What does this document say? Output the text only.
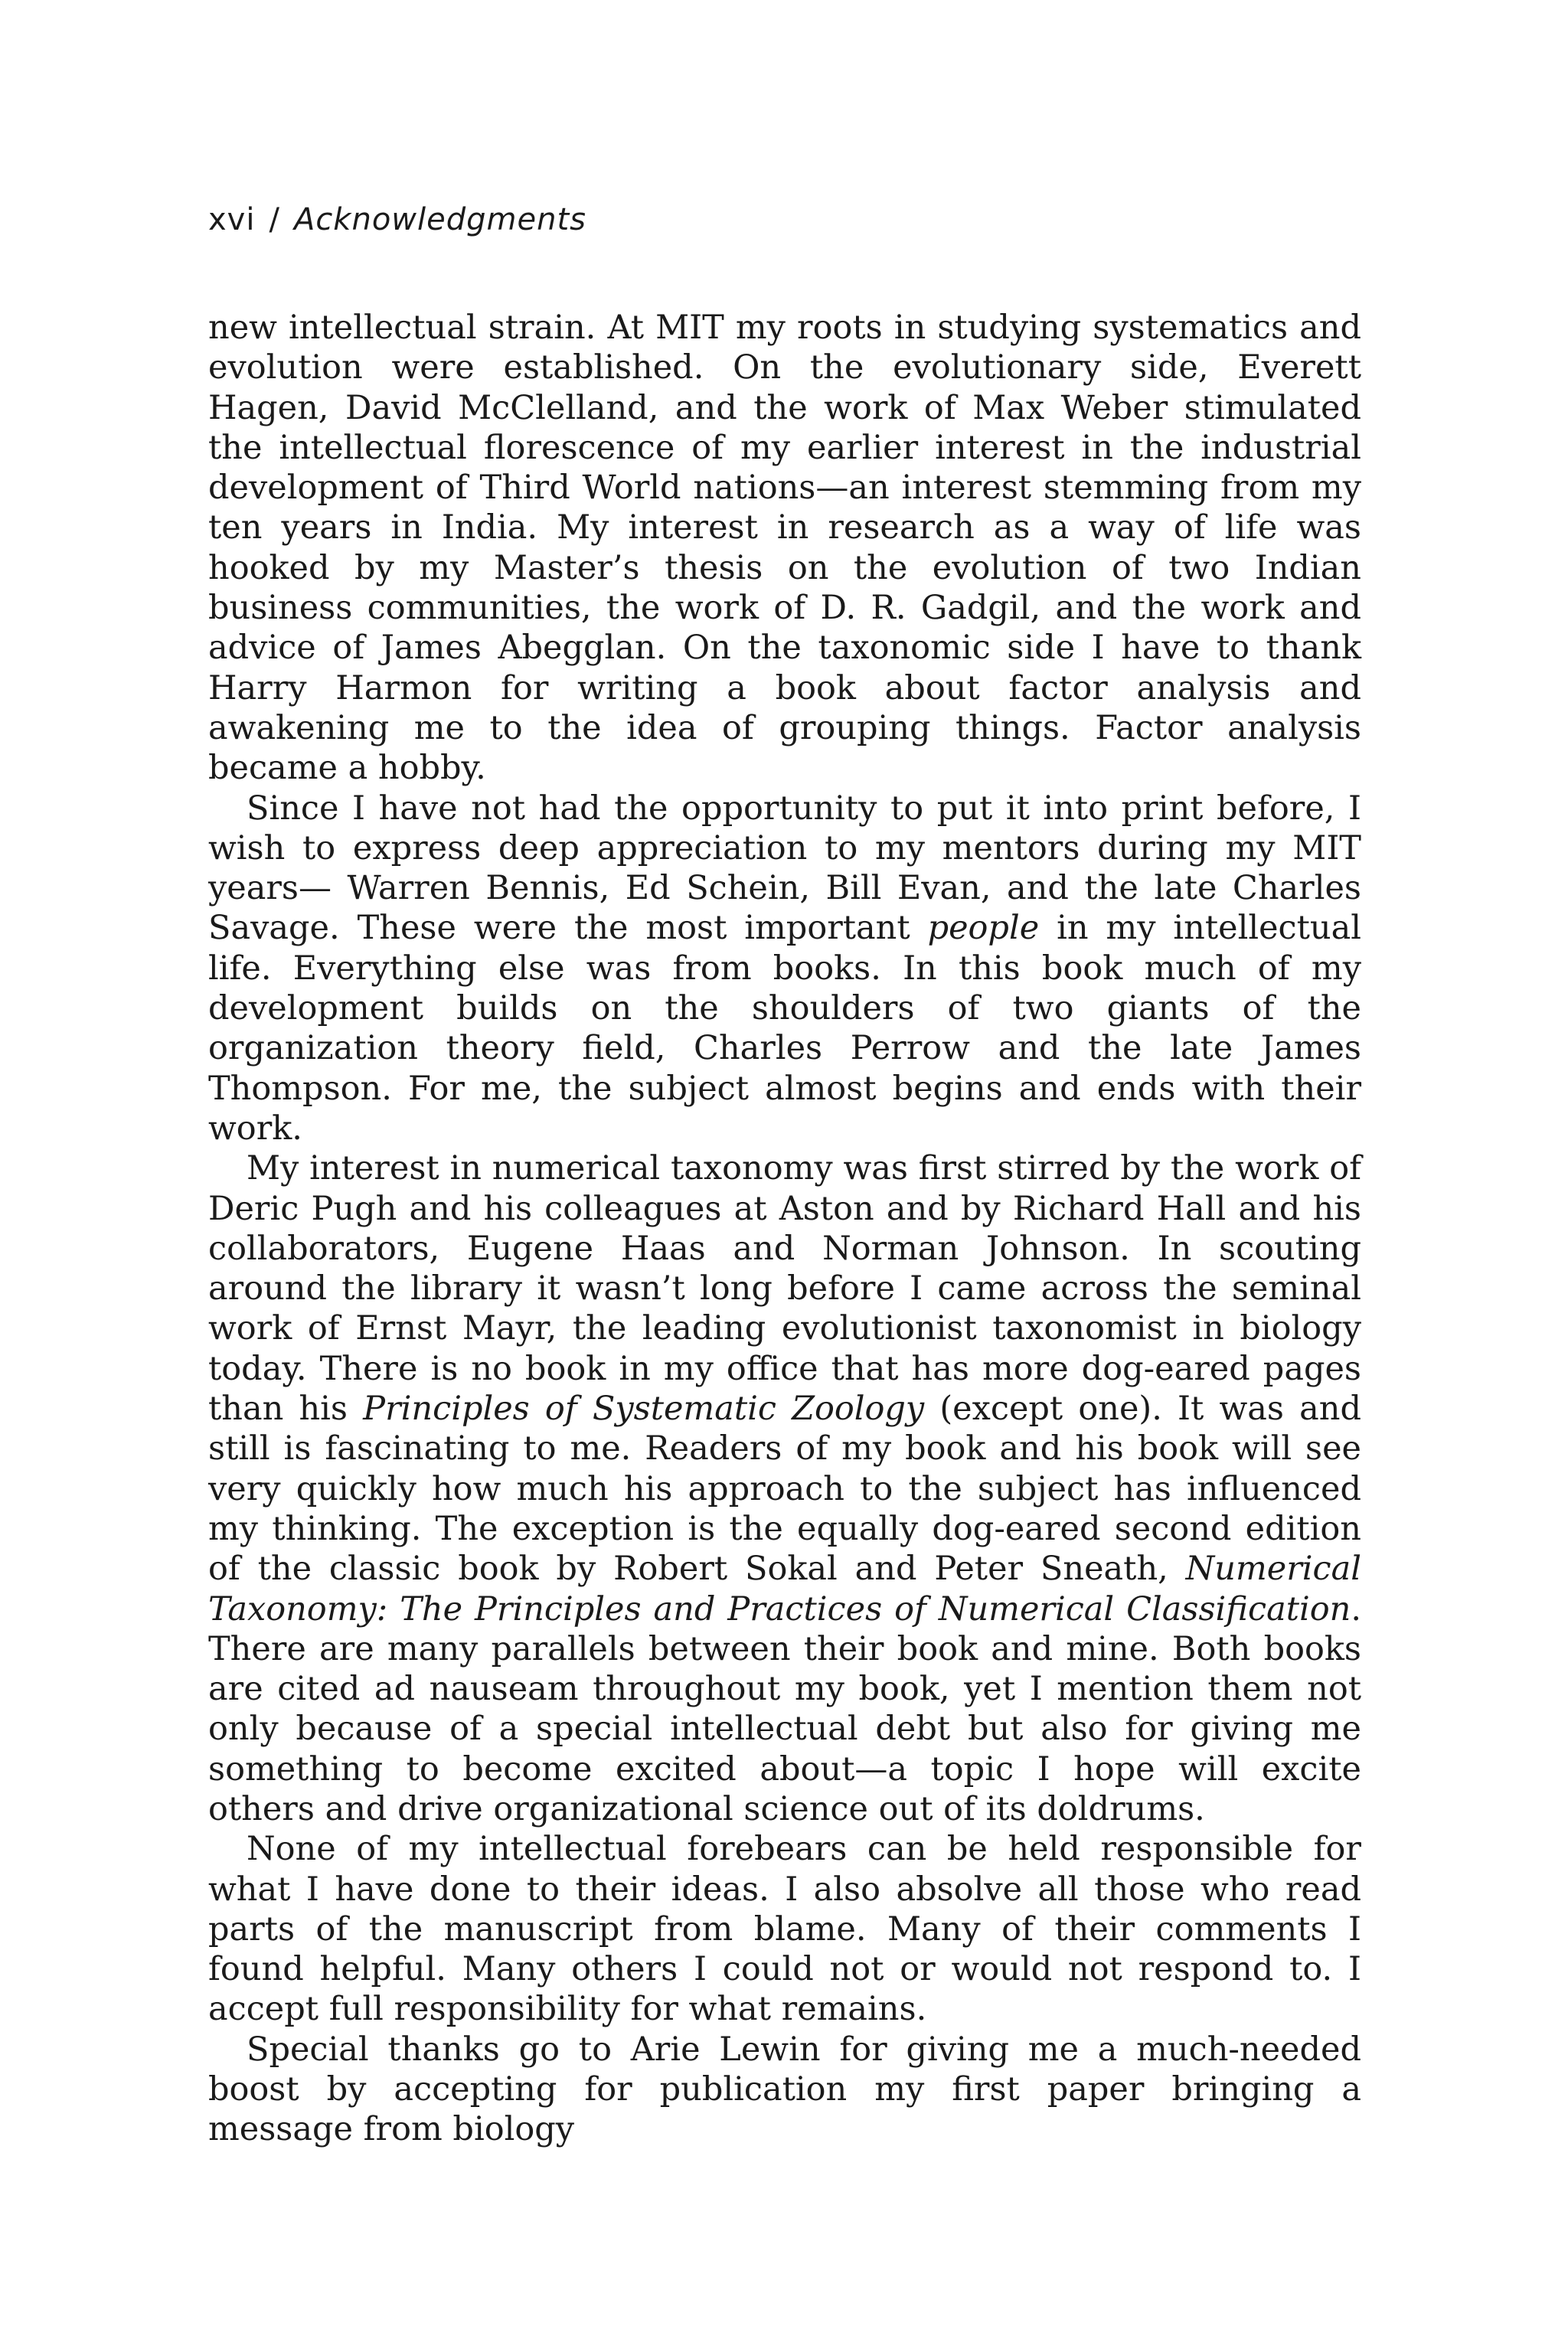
xvi / Acknowledgments

new intellectual strain. At MIT my roots in studying systematics and evolution were established. On the evolutionary side, Everett Hagen, David McClelland, and the work of Max Weber stimulated the intellectual florescence of my earlier interest in the industrial development of Third World nations—an interest stemming from my ten years in India. My interest in research as a way of life was hooked by my Master’s thesis on the evolution of two Indian business communities, the work of D. R. Gadgil, and the work and advice of James Abegglan. On the taxonomic side I have to thank Harry Harmon for writing a book about factor analysis and awakening me to the idea of grouping things. Factor analysis became a hobby.

Since I have not had the opportunity to put it into print before, I wish to express deep appreciation to my mentors during my MIT years— Warren Bennis, Ed Schein, Bill Evan, and the late Charles Savage. These were the most important people in my intellectual life. Everything else was from books. In this book much of my development builds on the shoulders of two giants of the organization theory field, Charles Perrow and the late James Thompson. For me, the subject almost begins and ends with their work.

My interest in numerical taxonomy was first stirred by the work of Deric Pugh and his colleagues at Aston and by Richard Hall and his collaborators, Eugene Haas and Norman Johnson. In scouting around the library it wasn’t long before I came across the seminal work of Ernst Mayr, the leading evolutionist taxonomist in biology today. There is no book in my office that has more dog-eared pages than his Principles of Systematic Zoology (except one). It was and still is fascinating to me. Readers of my book and his book will see very quickly how much his approach to the subject has influenced my thinking. The exception is the equally dog-eared second edition of the classic book by Robert Sokal and Peter Sneath, Numerical Taxonomy: The Principles and Practices of Numerical Classification. There are many parallels between their book and mine. Both books are cited ad nauseam throughout my book, yet I mention them not only because of a special intellectual debt but also for giving me something to become excited about—a topic I hope will excite others and drive organizational science out of its doldrums.

None of my intellectual forebears can be held responsible for what I have done to their ideas. I also absolve all those who read parts of the manuscript from blame. Many of their comments I found helpful. Many others I could not or would not respond to. I accept full responsibility for what remains.

Special thanks go to Arie Lewin for giving me a much-needed boost by accepting for publication my first paper bringing a message from biology
